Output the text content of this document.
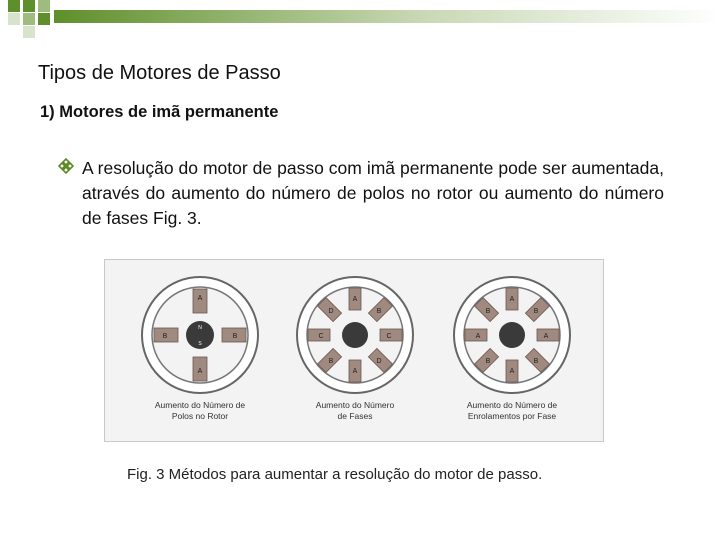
Tipos de Motores de Passo
1) Motores de imã permanente
A resolução do motor de passo com imã permanente pode ser aumentada, através do aumento do número de polos no rotor ou aumento do número de fases Fig. 3.
A
B
A
B
N
S
Aumento do Número de
Polos no Rotor
A
B
C
D
A
B
C
D
Aumento do Número
de Fases
A
B
A
B
A
B
A
B
Aumento do Número de
Enrolamentos por Fase
Fig. 3 Métodos para aumentar a resolução do motor de passo.
